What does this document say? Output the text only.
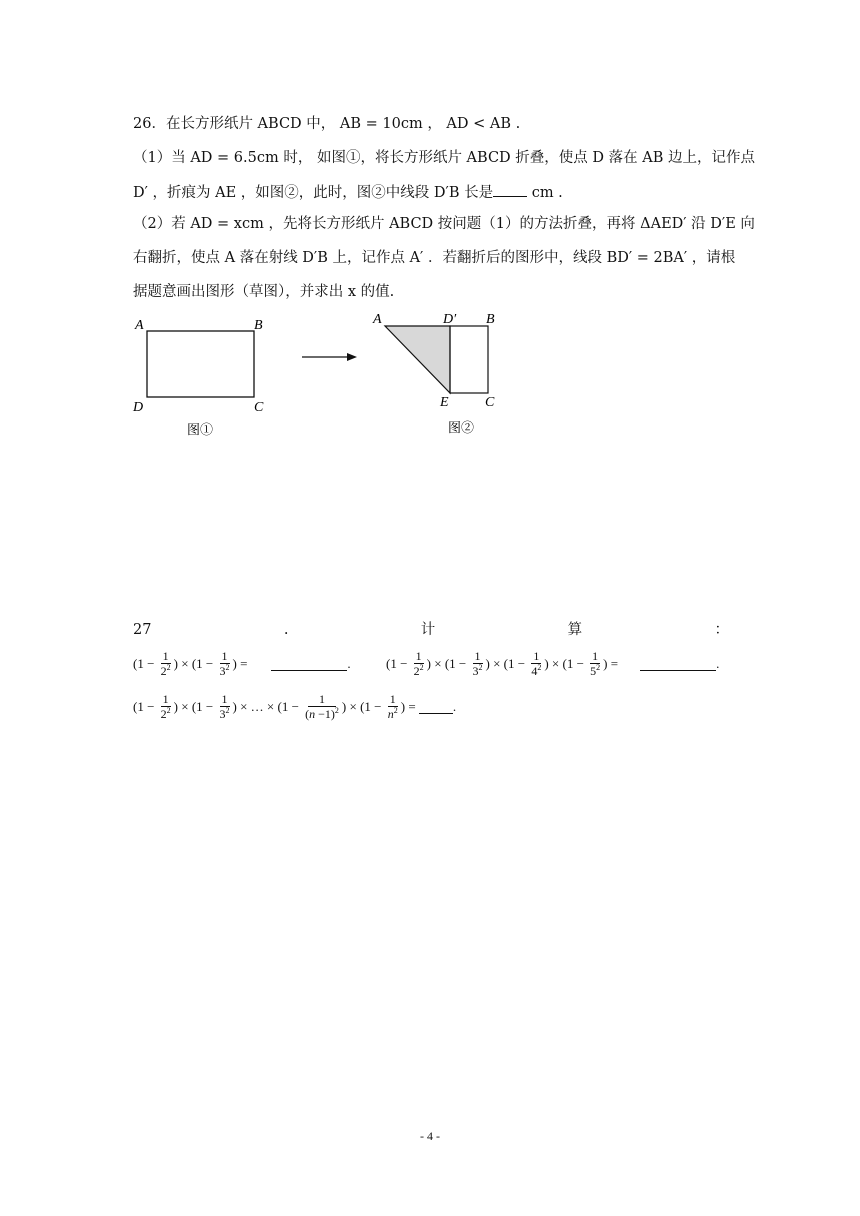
26．在长方形纸片 ABCD 中， AB = 10cm ， AD < AB .
（1）当 AD = 6.5cm 时， 如图①，将长方形纸片 ABCD 折叠，使点 D 落在 AB 边上，记作点
D′ ，折痕为 AE ，如图②，此时，图②中线段 D′B 长是	cm .
（2）若 AD = xcm ，先将长方形纸片 ABCD 按问题（1）的方法折叠，再将 ΔAED′ 沿 D′E 向
右翻折，使点 A 落在射线 D′B 上，记作点 A′ ．若翻折后的图形中，线段 BD′ = 2BA′ ，请根
据题意画出图形（草图），并求出 x 的值.
A	B
D	C
图①
A	D′ B
E	C
图②
27	.	计	算	：
($1 - \frac{1}{2^2}$ ) × ($1 - \frac{1}{3^2}$ ) =	.	($1 - \frac{1}{2^2}$ ) × ($1 - \frac{1}{3^2}$ ) × ($1 - \frac{1}{4^2}$ ) × ($1 - \frac{1}{5^2}$ ) =	.
($1 - \frac{1}{2^2}$ ) × ($1 - \frac{1}{3^2}$ ) × … × ($1 - \frac{1}{(n -1)^2}$ ) × ($1 - \frac{1}{n^2}$ ) =	.
- 4 -
